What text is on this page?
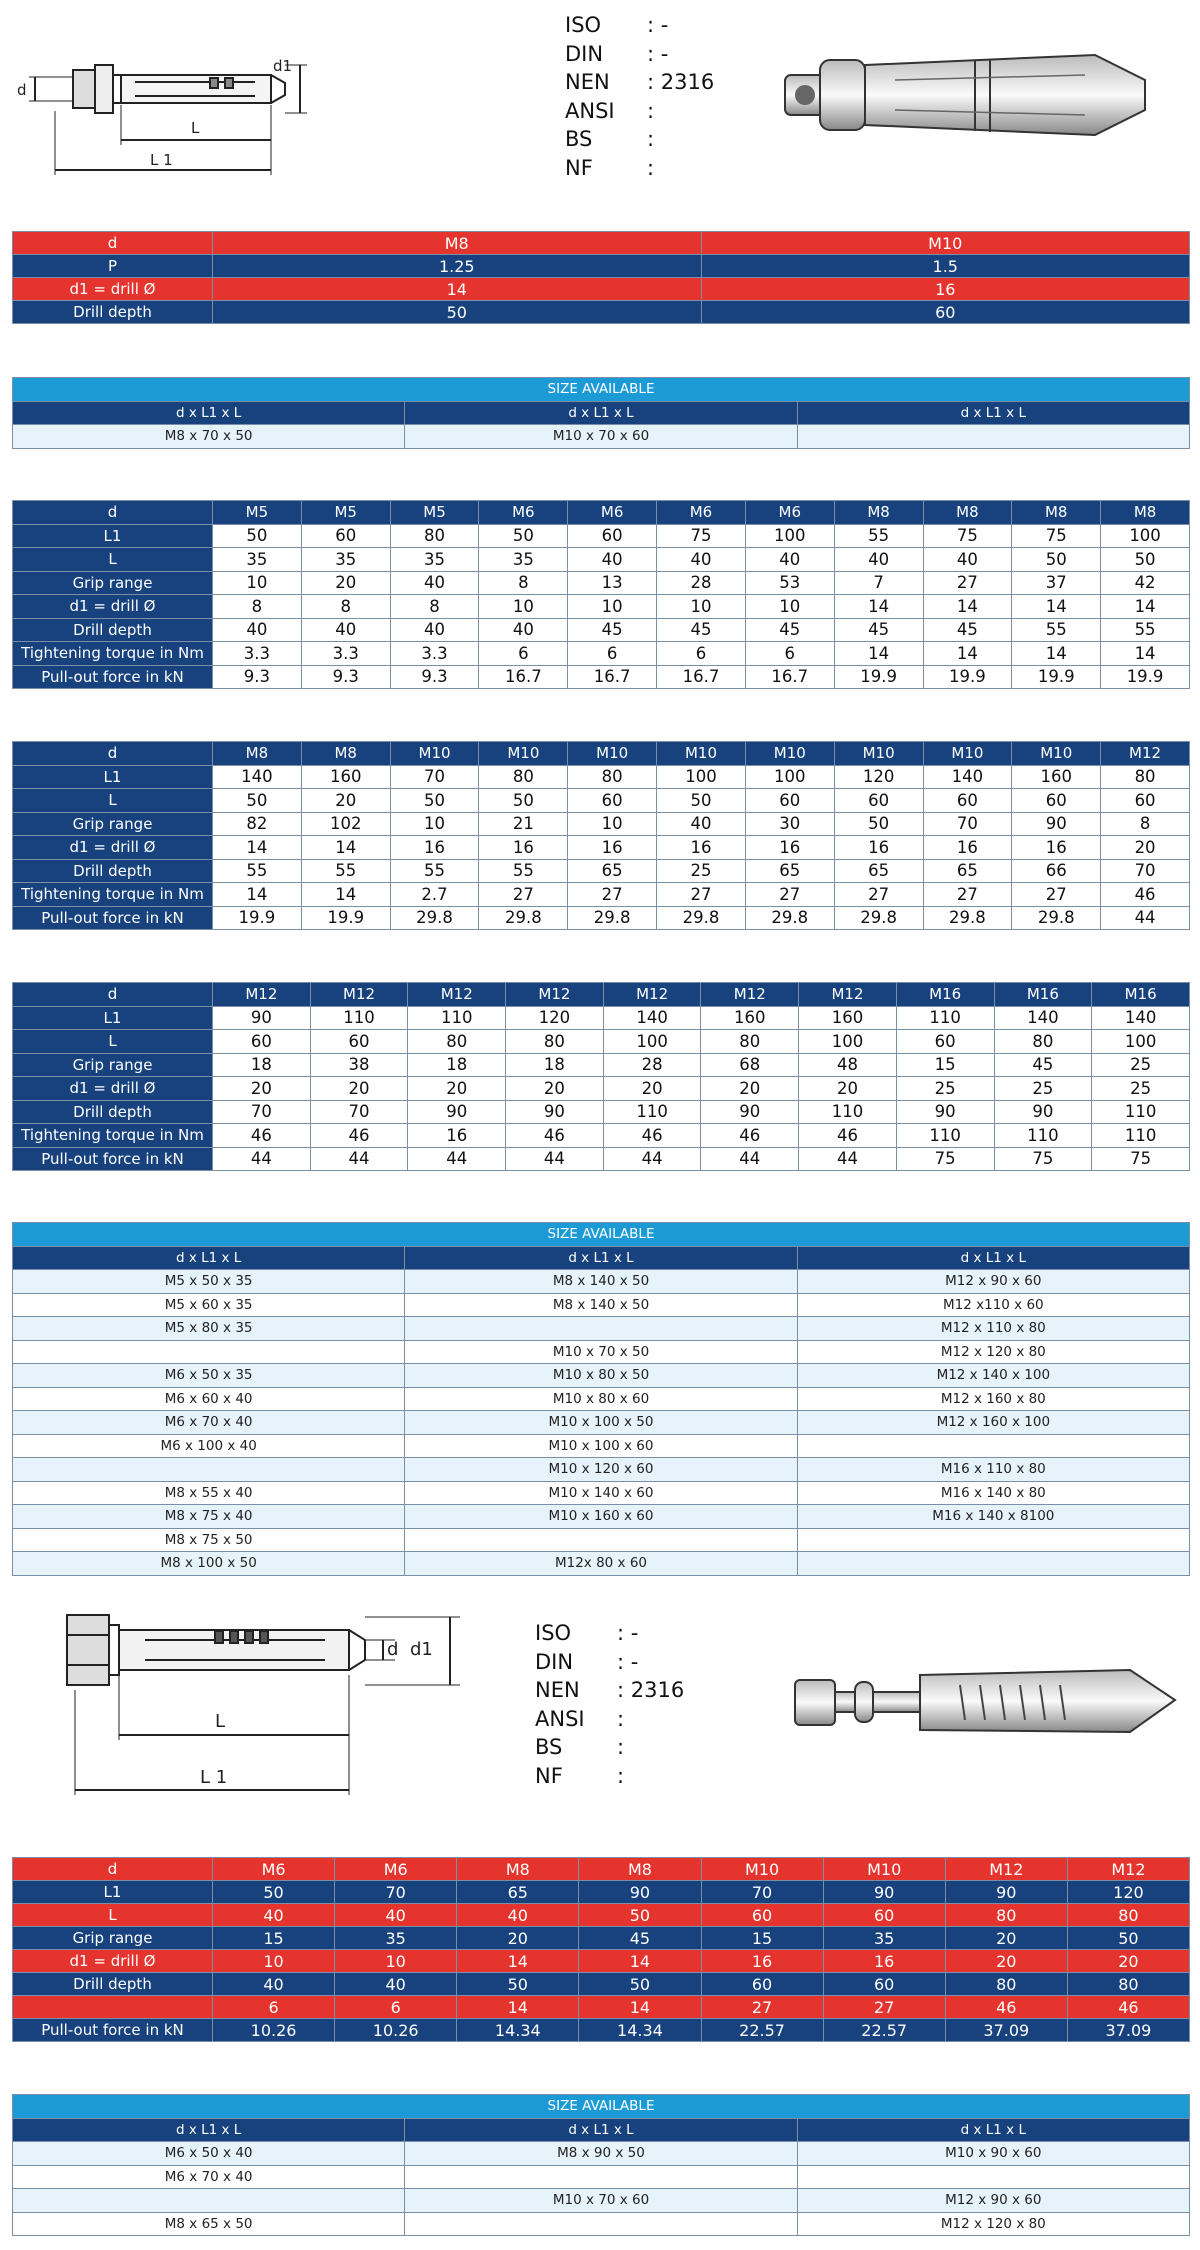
d
d1
L
L 1
ISO	: -
DIN	: -
NEN	: 2316
ANSI	:
BS	:
NF	:
d	M8	M10
P	1.25	1.5
d1 = drill Ø	14	16
Drill depth	50	60
SIZE AVAILABLE		
d x L1 x L	d x L1 x L	d x L1 x L
M8 x 70 x 50	M10 x 70 x 60	
d	M5	M5	M5	M6	M6	M6	M6	M8	M8	M8	M8
L1	50	60	80	50	60	75	100	55	75	75	100
L	35	35	35	35	40	40	40	40	40	50	50
Grip range	10	20	40	8	13	28	53	7	27	37	42
d1 = drill Ø	8	8	8	10	10	10	10	14	14	14	14
Drill depth	40	40	40	40	45	45	45	45	45	55	55
Tightening torque in Nm	3.3	3.3	3.3	6	6	6	6	14	14	14	14
Pull-out force in kN	9.3	9.3	9.3	16.7	16.7	16.7	16.7	19.9	19.9	19.9	19.9
d	M8	M8	M10	M10	M10	M10	M10	M10	M10	M10	M12
L1	140	160	70	80	80	100	100	120	140	160	80
L	50	20	50	50	60	50	60	60	60	60	60
Grip range	82	102	10	21	10	40	30	50	70	90	8
d1 = drill Ø	14	14	16	16	16	16	16	16	16	16	20
Drill depth	55	55	55	55	65	25	65	65	65	66	70
Tightening torque in Nm	14	14	2.7	27	27	27	27	27	27	27	46
Pull-out force in kN	19.9	19.9	29.8	29.8	29.8	29.8	29.8	29.8	29.8	29.8	44
d	M12	M12	M12	M12	M12	M12	M12	M16	M16	M16
L1	90	110	110	120	140	160	160	110	140	140
L	60	60	80	80	100	80	100	60	80	100
Grip range	18	38	18	18	28	68	48	15	45	25
d1 = drill Ø	20	20	20	20	20	20	20	25	25	25
Drill depth	70	70	90	90	110	90	110	90	90	110
Tightening torque in Nm	46	46	16	46	46	46	46	110	110	110
Pull-out force in kN	44	44	44	44	44	44	44	75	75	75
SIZE AVAILABLE		
d x L1 x L	d x L1 x L	d x L1 x L
M5 x 50 x 35	M8 x 140 x 50	M12 x 90 x 60
M5 x 60 x 35	M8 x 140 x 50	M12 x110 x 60
M5 x 80 x 35		M12 x 110 x 80
	M10 x 70 x 50	M12 x 120 x 80
M6 x 50 x 35	M10 x 80 x 50	M12 x 140 x 100
M6 x 60 x 40	M10 x 80 x 60	M12 x 160 x 80
M6 x 70 x 40	M10 x 100 x 50	M12 x 160 x 100
M6 x 100 x 40	M10 x 100 x 60	
	M10 x 120 x 60	M16 x 110 x 80
M8 x 55 x 40	M10 x 140 x 60	M16 x 140 x 80
M8 x 75 x 40	M10 x 160 x 60	M16 x 140 x 8100
M8 x 75 x 50		
M8 x 100 x 50	M12x 80 x 60	
d d1
L
L 1
ISO	: -
DIN	: -
NEN	: 2316
ANSI	:
BS	:
NF	:
d	M6	M6	M8	M8	M10	M10	M12	M12
L1	50	70	65	90	70	90	90	120
L	40	40	40	50	60	60	80	80
Grip range	15	35	20	45	15	35	20	50
d1 = drill Ø	10	10	14	14	16	16	20	20
Drill depth	40	40	50	50	60	60	80	80
	6	6	14	14	27	27	46	46
Pull-out force in kN	10.26	10.26	14.34	14.34	22.57	22.57	37.09	37.09
SIZE AVAILABLE		
d x L1 x L	d x L1 x L	d x L1 x L
M6 x 50 x 40	M8 x 90 x 50	M10 x 90 x 60
M6 x 70 x 40		
	M10 x 70 x 60	M12 x 90 x 60
M8 x 65 x 50		M12 x 120 x 80
